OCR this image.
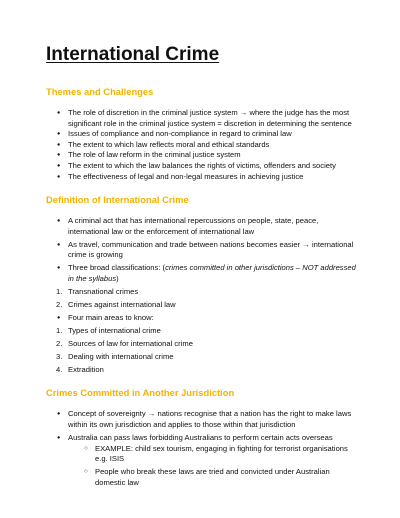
International Crime
Themes and Challenges
● The role of discretion in the criminal justice system → where the judge has the most significant role in the criminal justice system = discretion in determining the sentence
● Issues of compliance and non-compliance in regard to criminal law
● The extent to which law reflects moral and ethical standards
● The role of law reform in the criminal justice system
● The extent to which the law balances the rights of victims, offenders and society
● The effectiveness of legal and non-legal measures in achieving justice
Definition of International Crime
● A criminal act that has international repercussions on people, state, peace, international law or the enforcement of international law
● As travel, communication and trade between nations becomes easier → international crime is growing
● Three broad classifications: (crimes committed in other jurisdictions – NOT addressed in the syllabus)
1. Transnational crimes
2. Crimes against international law
● Four main areas to know:
1. Types of international crime
2. Sources of law for international crime
3. Dealing with international crime
4. Extradition
Crimes Committed in Another Jurisdiction
● Concept of sovereignty → nations recognise that a nation has the right to make laws within its own jurisdiction and applies to those within that jurisdiction
● Australia can pass laws forbidding Australians to perform certain acts overseas
○ EXAMPLE: child sex tourism, engaging in fighting for terrorist organisations e.g. ISIS
○ People who break these laws are tried and convicted under Australian domestic law
